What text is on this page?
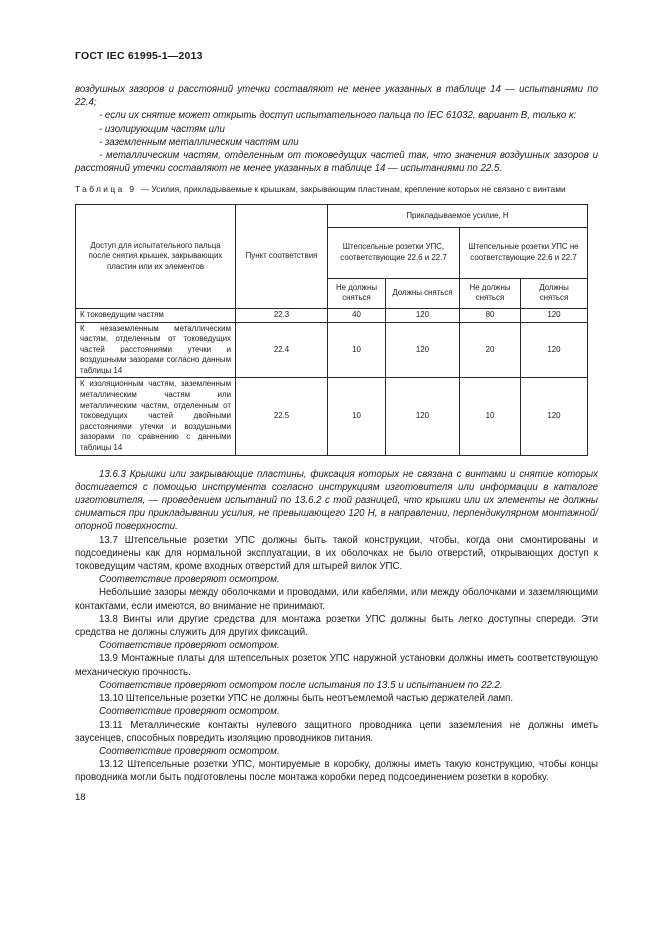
ГОСТ IEC 61995-1—2013

воздушных зазоров и расстояний утечки составляют не менее указанных в таблице 14 — испытаниями по 22.4;

- если их снятие может открыть доступ испытательного пальца по IEC 61032, вариант В, только к:

- изолирующим частям или

- заземленным металлическим частям или

- металлическим частям, отделенным от токоведущих частей так, что значения воздушных зазоров и расстояний утечки составляют не менее указанных в таблице 14 — испытаниями по 22.5.

Таблица 9 — Усилия, прикладываемые к крышкам, закрывающим пластинам, крепление которых не связано с винтами
Доступ для испытательного пальца после снятия крышек, закрывающих пластин или их элементов	Пункт соответствия	Прикладываемое усилие, Н			
		Штепсельные розетки УПС, соответствующие 22.6 и 22.7		Штепсельные розетки УПС не соответствующие 22.6 и 22.7	
		Не должны сняться	Должны сняться	Не должны сняться	Должны сняться
К токоведущим частям	22.3	40	120	80	120
К незаземленным металлическим частям, отделенным от токоведущих частей расстояниями утечки и воздушными зазорами согласно данным таблицы 14	22.4	10	120	20	120
К изоляционным частям, заземленным металлическим частям или металлическим частям, отделенным от токоведущих частей двойными расстояниями утечки и воздушными зазорами по сравнению с данными таблицы 14	22.5	10	120	10	120

13.6.3 Крышки или закрывающие пластины, фиксация которых не связана с винтами и снятие которых достигается с помощью инструмента согласно инструкциям изготовителя или информации в каталоге изготовителя, — проведением испытаний по 13.6.2 с той разницей, что крышки или их элементы не должны сниматься при прикладывании усилия, не превышающего 120 Н, в направлении, перпендикулярном монтажной/опорной поверхности.

13.7 Штепсельные розетки УПС должны быть такой конструкции, чтобы, когда они смонтированы и подсоединены как для нормальной эксплуатации, в их оболочках не было отверстий, открывающих доступ к токоведущим частям, кроме входных отверстий для штырей вилок УПС.

Соответствие проверяют осмотром.

Небольшие зазоры между оболочками и проводами, или кабелями, или между оболочками и заземляющими контактами, если имеются, во внимание не принимают.

13.8 Винты или другие средства для монтажа розетки УПС должны быть легко доступны спереди. Эти средства не должны служить для других фиксаций.

Соответствие проверяют осмотром.

13.9 Монтажные платы для штепсельных розеток УПС наружной установки должны иметь соответствующую механическую прочность.

Соответствие проверяют осмотром после испытания по 13.5 и испытанием по 22.2.

13.10 Штепсельные розетки УПС не должны быть неотъемлемой частью держателей ламп.

Соответствие проверяют осмотром.

13.11 Металлические контакты нулевого защитного проводника цепи заземления не должны иметь заусенцев, способных повредить изоляцию проводников питания.

Соответствие проверяют осмотром.

13.12 Штепсельные розетки УПС, монтируемые в коробку, должны иметь такую конструкцию, чтобы концы проводника могли быть подготовлены после монтажа коробки перед подсоединением розетки в коробку.

18
